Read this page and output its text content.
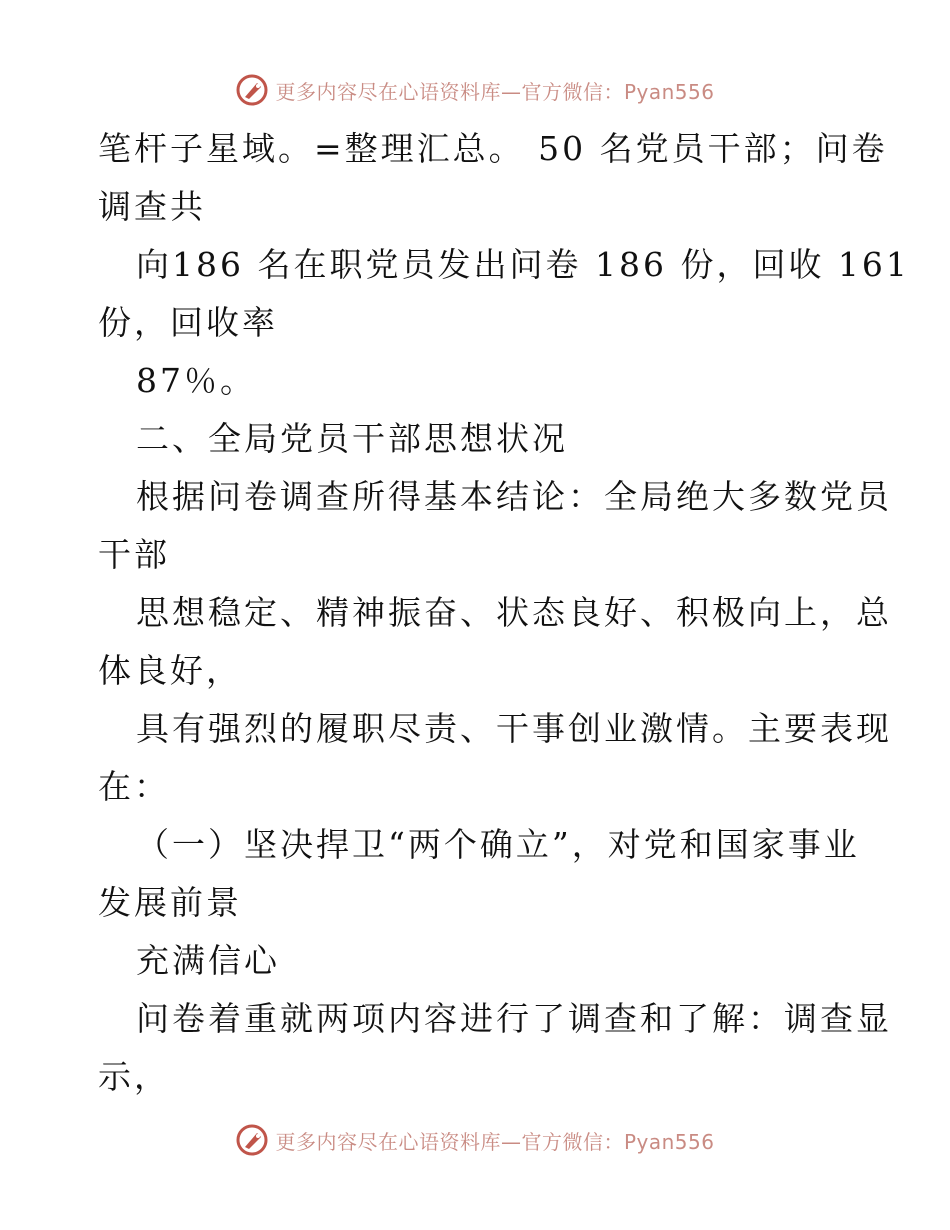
更多内容尽在心语资料库—官方微信：Pyan556
笔杆子星域。=整理汇总。 50 名党员干部；问卷
调查共
向186 名在职党员发出问卷 186 份，回收 161
份，回收率
87％。
二、全局党员干部思想状况
根据问卷调查所得基本结论：全局绝大多数党员
干部
思想稳定、精神振奋、状态良好、积极向上，总
体良好，
具有强烈的履职尽责、干事创业激情。主要表现
在：
（一）坚决捍卫“两个确立”，对党和国家事业
发展前景
充满信心
问卷着重就两项内容进行了调查和了解：调查显
示，
更多内容尽在心语资料库—官方微信：Pyan556
